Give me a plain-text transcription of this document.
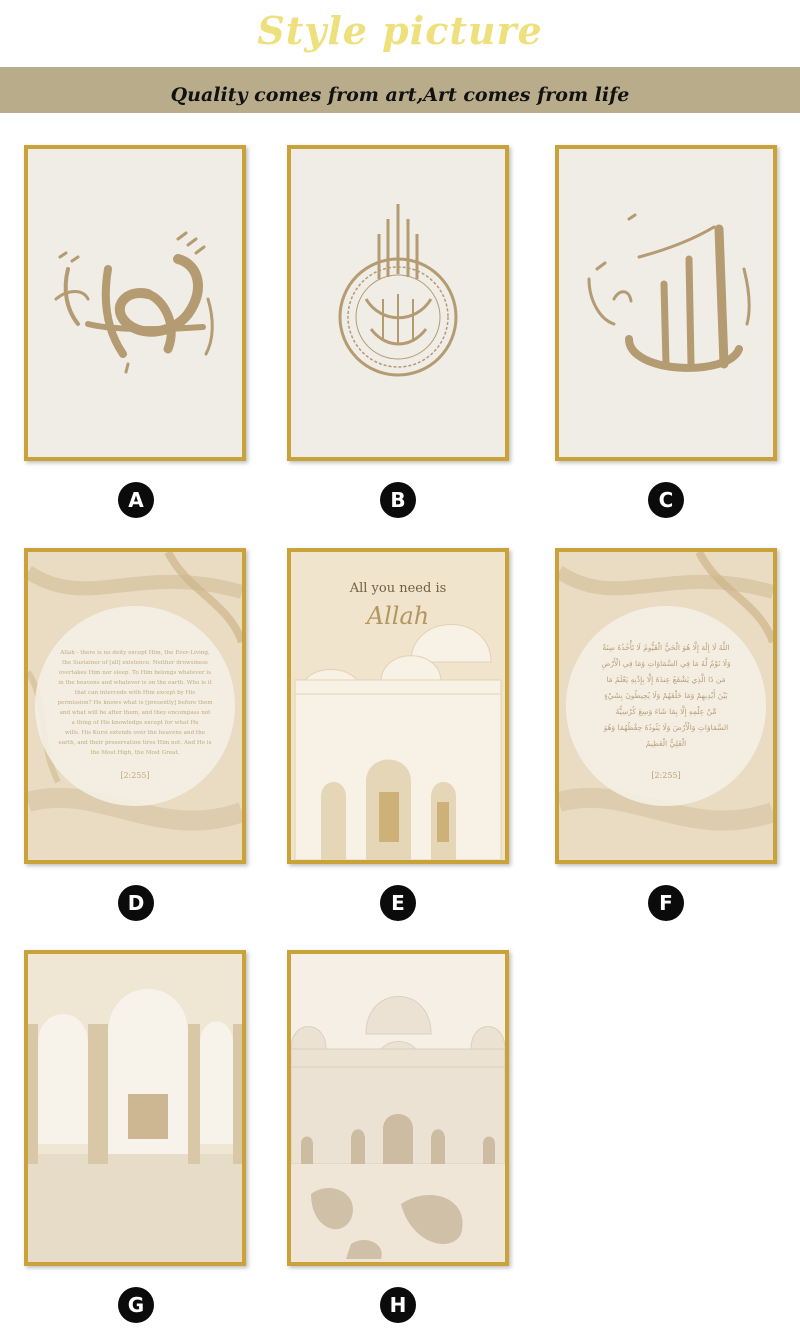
Style picture
Quality comes from art,Art comes from life
A	B	C
Allah - there is no deity except Him, the Ever-Living,
the Sustainer of [all] existence. Neither drowsiness
overtakes Him nor sleep. To Him belongs whatever is
in the heavens and whatever is on the earth. Who is it
that can intercede with Him except by His
permission? He knows what is [presently] before them
and what will be after them, and they encompass not
a thing of His knowledge except for what He
wills. His Kursi extends over the heavens and the
earth, and their preservation tires Him not. And He is
the Most High, the Most Great.
[2:255]
D
All you need is
Allah
E
اللَّهُ لَا إِلَٰهَ إِلَّا هُوَ الْحَيُّ الْقَيُّومُ لَا تَأْخُذُهُ سِنَةٌ
وَلَا نَوْمٌ لَّهُ مَا فِي السَّمَاوَاتِ وَمَا فِي الْأَرْضِ
مَن ذَا الَّذِي يَشْفَعُ عِندَهُ إِلَّا بِإِذْنِهِ يَعْلَمُ مَا
بَيْنَ أَيْدِيهِمْ وَمَا خَلْفَهُمْ وَلَا يُحِيطُونَ بِشَيْءٍ
مِّنْ عِلْمِهِ إِلَّا بِمَا شَاءَ وَسِعَ كُرْسِيُّهُ
السَّمَاوَاتِ وَالْأَرْضَ وَلَا يَئُودُهُ حِفْظُهُمَا وَهُوَ
الْعَلِيُّ الْعَظِيمُ
[2:255]
F
G	H
